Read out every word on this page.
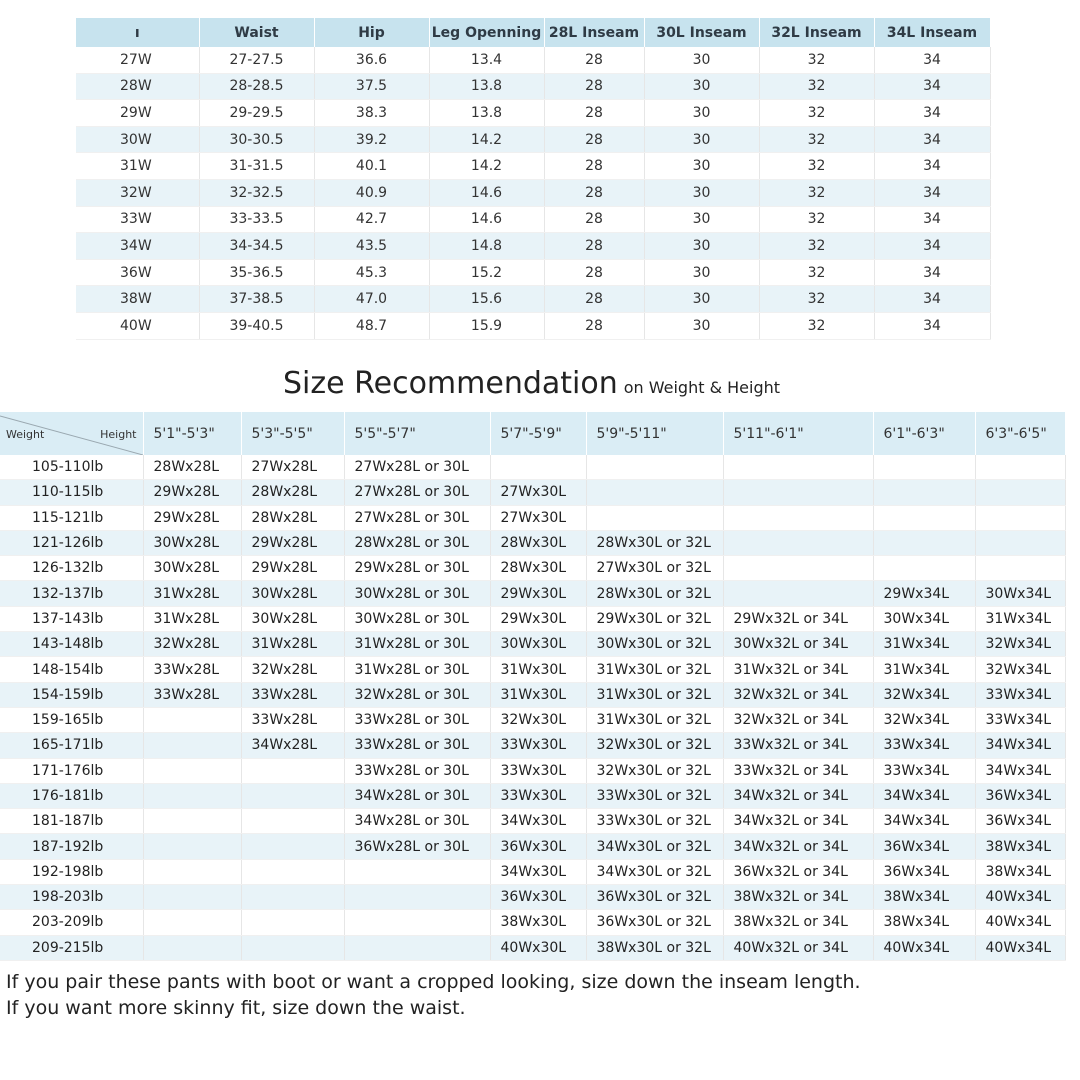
ı	Waist	Hip	Leg Openning	28L Inseam	30L Inseam	32L Inseam	34L Inseam
27W	27-27.5	36.6	13.4	28	30	32	34
28W	28-28.5	37.5	13.8	28	30	32	34
29W	29-29.5	38.3	13.8	28	30	32	34
30W	30-30.5	39.2	14.2	28	30	32	34
31W	31-31.5	40.1	14.2	28	30	32	34
32W	32-32.5	40.9	14.6	28	30	32	34
33W	33-33.5	42.7	14.6	28	30	32	34
34W	34-34.5	43.5	14.8	28	30	32	34
36W	35-36.5	45.3	15.2	28	30	32	34
38W	37-38.5	47.0	15.6	28	30	32	34
40W	39-40.5	48.7	15.9	28	30	32	34
Size Recommendation on Weight & Height
Weight Height	5'1"-5'3"	5'3"-5'5"	5'5"-5'7"	5'7"-5'9"	5'9"-5'11"	5'11"-6'1"	6'1"-6'3"	6'3"-6'5"
105-110lb	28Wx28L	27Wx28L	27Wx28L or 30L					
110-115lb	29Wx28L	28Wx28L	27Wx28L or 30L	27Wx30L				
115-121lb	29Wx28L	28Wx28L	27Wx28L or 30L	27Wx30L				
121-126lb	30Wx28L	29Wx28L	28Wx28L or 30L	28Wx30L	28Wx30L or 32L			
126-132lb	30Wx28L	29Wx28L	29Wx28L or 30L	28Wx30L	27Wx30L or 32L			
132-137lb	31Wx28L	30Wx28L	30Wx28L or 30L	29Wx30L	28Wx30L or 32L		29Wx34L	30Wx34L
137-143lb	31Wx28L	30Wx28L	30Wx28L or 30L	29Wx30L	29Wx30L or 32L	29Wx32L or 34L	30Wx34L	31Wx34L
143-148lb	32Wx28L	31Wx28L	31Wx28L or 30L	30Wx30L	30Wx30L or 32L	30Wx32L or 34L	31Wx34L	32Wx34L
148-154lb	33Wx28L	32Wx28L	31Wx28L or 30L	31Wx30L	31Wx30L or 32L	31Wx32L or 34L	31Wx34L	32Wx34L
154-159lb	33Wx28L	33Wx28L	32Wx28L or 30L	31Wx30L	31Wx30L or 32L	32Wx32L or 34L	32Wx34L	33Wx34L
159-165lb		33Wx28L	33Wx28L or 30L	32Wx30L	31Wx30L or 32L	32Wx32L or 34L	32Wx34L	33Wx34L
165-171lb		34Wx28L	33Wx28L or 30L	33Wx30L	32Wx30L or 32L	33Wx32L or 34L	33Wx34L	34Wx34L
171-176lb			33Wx28L or 30L	33Wx30L	32Wx30L or 32L	33Wx32L or 34L	33Wx34L	34Wx34L
176-181lb			34Wx28L or 30L	33Wx30L	33Wx30L or 32L	34Wx32L or 34L	34Wx34L	36Wx34L
181-187lb			34Wx28L or 30L	34Wx30L	33Wx30L or 32L	34Wx32L or 34L	34Wx34L	36Wx34L
187-192lb			36Wx28L or 30L	36Wx30L	34Wx30L or 32L	34Wx32L or 34L	36Wx34L	38Wx34L
192-198lb				34Wx30L	34Wx30L or 32L	36Wx32L or 34L	36Wx34L	38Wx34L
198-203lb				36Wx30L	36Wx30L or 32L	38Wx32L or 34L	38Wx34L	40Wx34L
203-209lb				38Wx30L	36Wx30L or 32L	38Wx32L or 34L	38Wx34L	40Wx34L
209-215lb				40Wx30L	38Wx30L or 32L	40Wx32L or 34L	40Wx34L	40Wx34L
If you pair these pants with boot or want a cropped looking, size down the inseam length.
If you want more skinny fit, size down the waist.
